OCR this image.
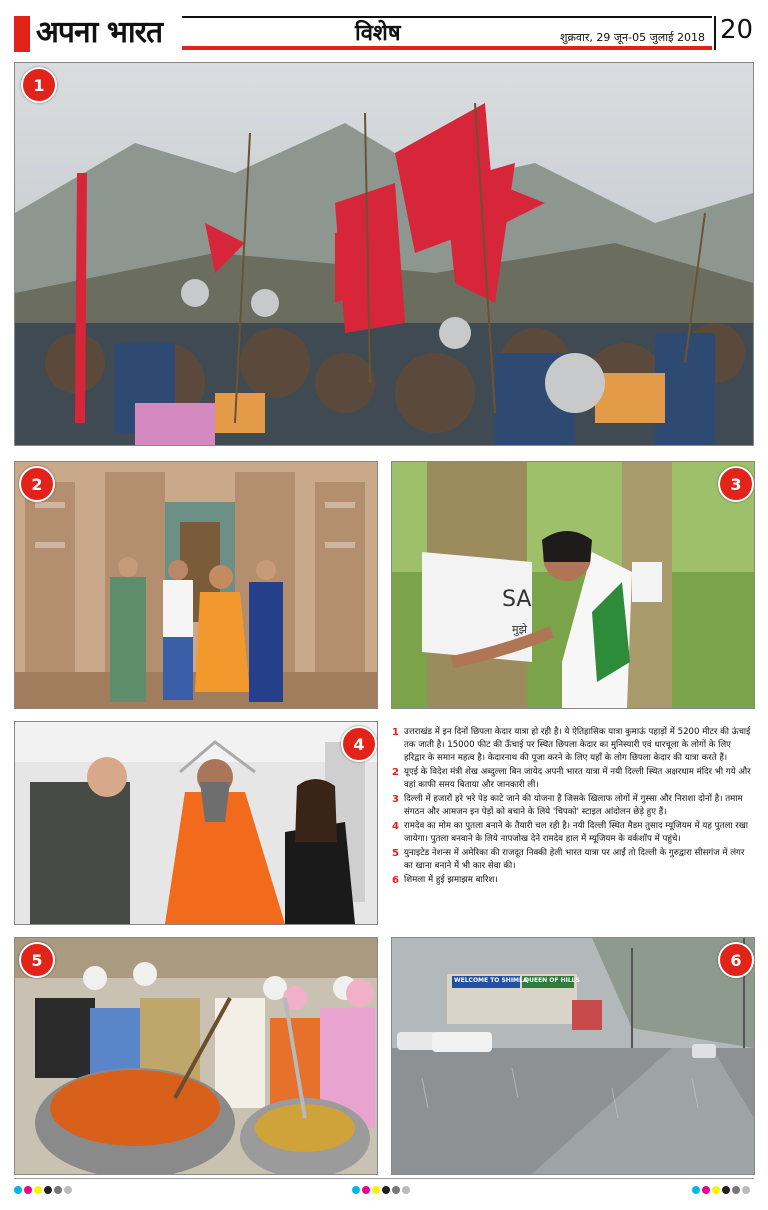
अपना भारत	विशेष	शुक्रवार, 29 जून-05 जुलाई 2018 20
1
2	3
SA
मुझे
4
1 उत्तराखंड में इन दिनों छिपला केदार यात्रा हो रही है। ये ऐतिहासिक यात्रा कुमाऊं पहाड़ों में 5200 मीटर की ऊंचाई तक जाती है। 15000 फीट की ऊँचाई पर स्थित छिपला केदार का मुनिस्यारी एवं धारचूला के लोगों के लिए हरिद्वार के समान महत्व है। केदारनाथ की पूजा करने के लिए यहाँ के लोग छिपला केदार की यात्रा करते हैं।
2 यूएई के विदेश मंत्री शेख अब्दुल्ला बिन जायेद अपनी भारत यात्रा में नयी दिल्ली स्थित अक्षरधाम मंदिर भी गये और वहां काफी समय बिताया और जानकारी ली।
3 दिल्ली में हजारों हरे भरे पेड़ काटे जाने की योजना है जिसके खिलाफ लोगों में गुस्सा और निराशा दोनों है। तमाम संगठन और आमजन इन पेड़ों को बचाने के लिये 'चिपको' स्टाइल आंदोलन छेड़े हुए हैं।
4 रामदेव का मोम का पुतला बनाने के तैयारी चल रही है। नयी दिल्ली स्थित मैडम तुसाद म्यूजियम में यह पुतला रखा जायेगा। पुतला बनवाने के लिये नापजोख देने रामदेव हाल में म्यूजियम के वर्कशॉप में पहुंचे।
5 युनाइटेड नेशन्स में अमेरिका की राजदूत निक्की हेली भारत यात्रा पर आईं तो दिल्ली के गुरुद्वारा सीसगंज में लंगर का खाना बनाने में भी कार सेवा की।
6 शिमला में हुई झमाझम बारिश।
5	6
WELCOME TO SHIMLA
QUEEN OF HILLS
